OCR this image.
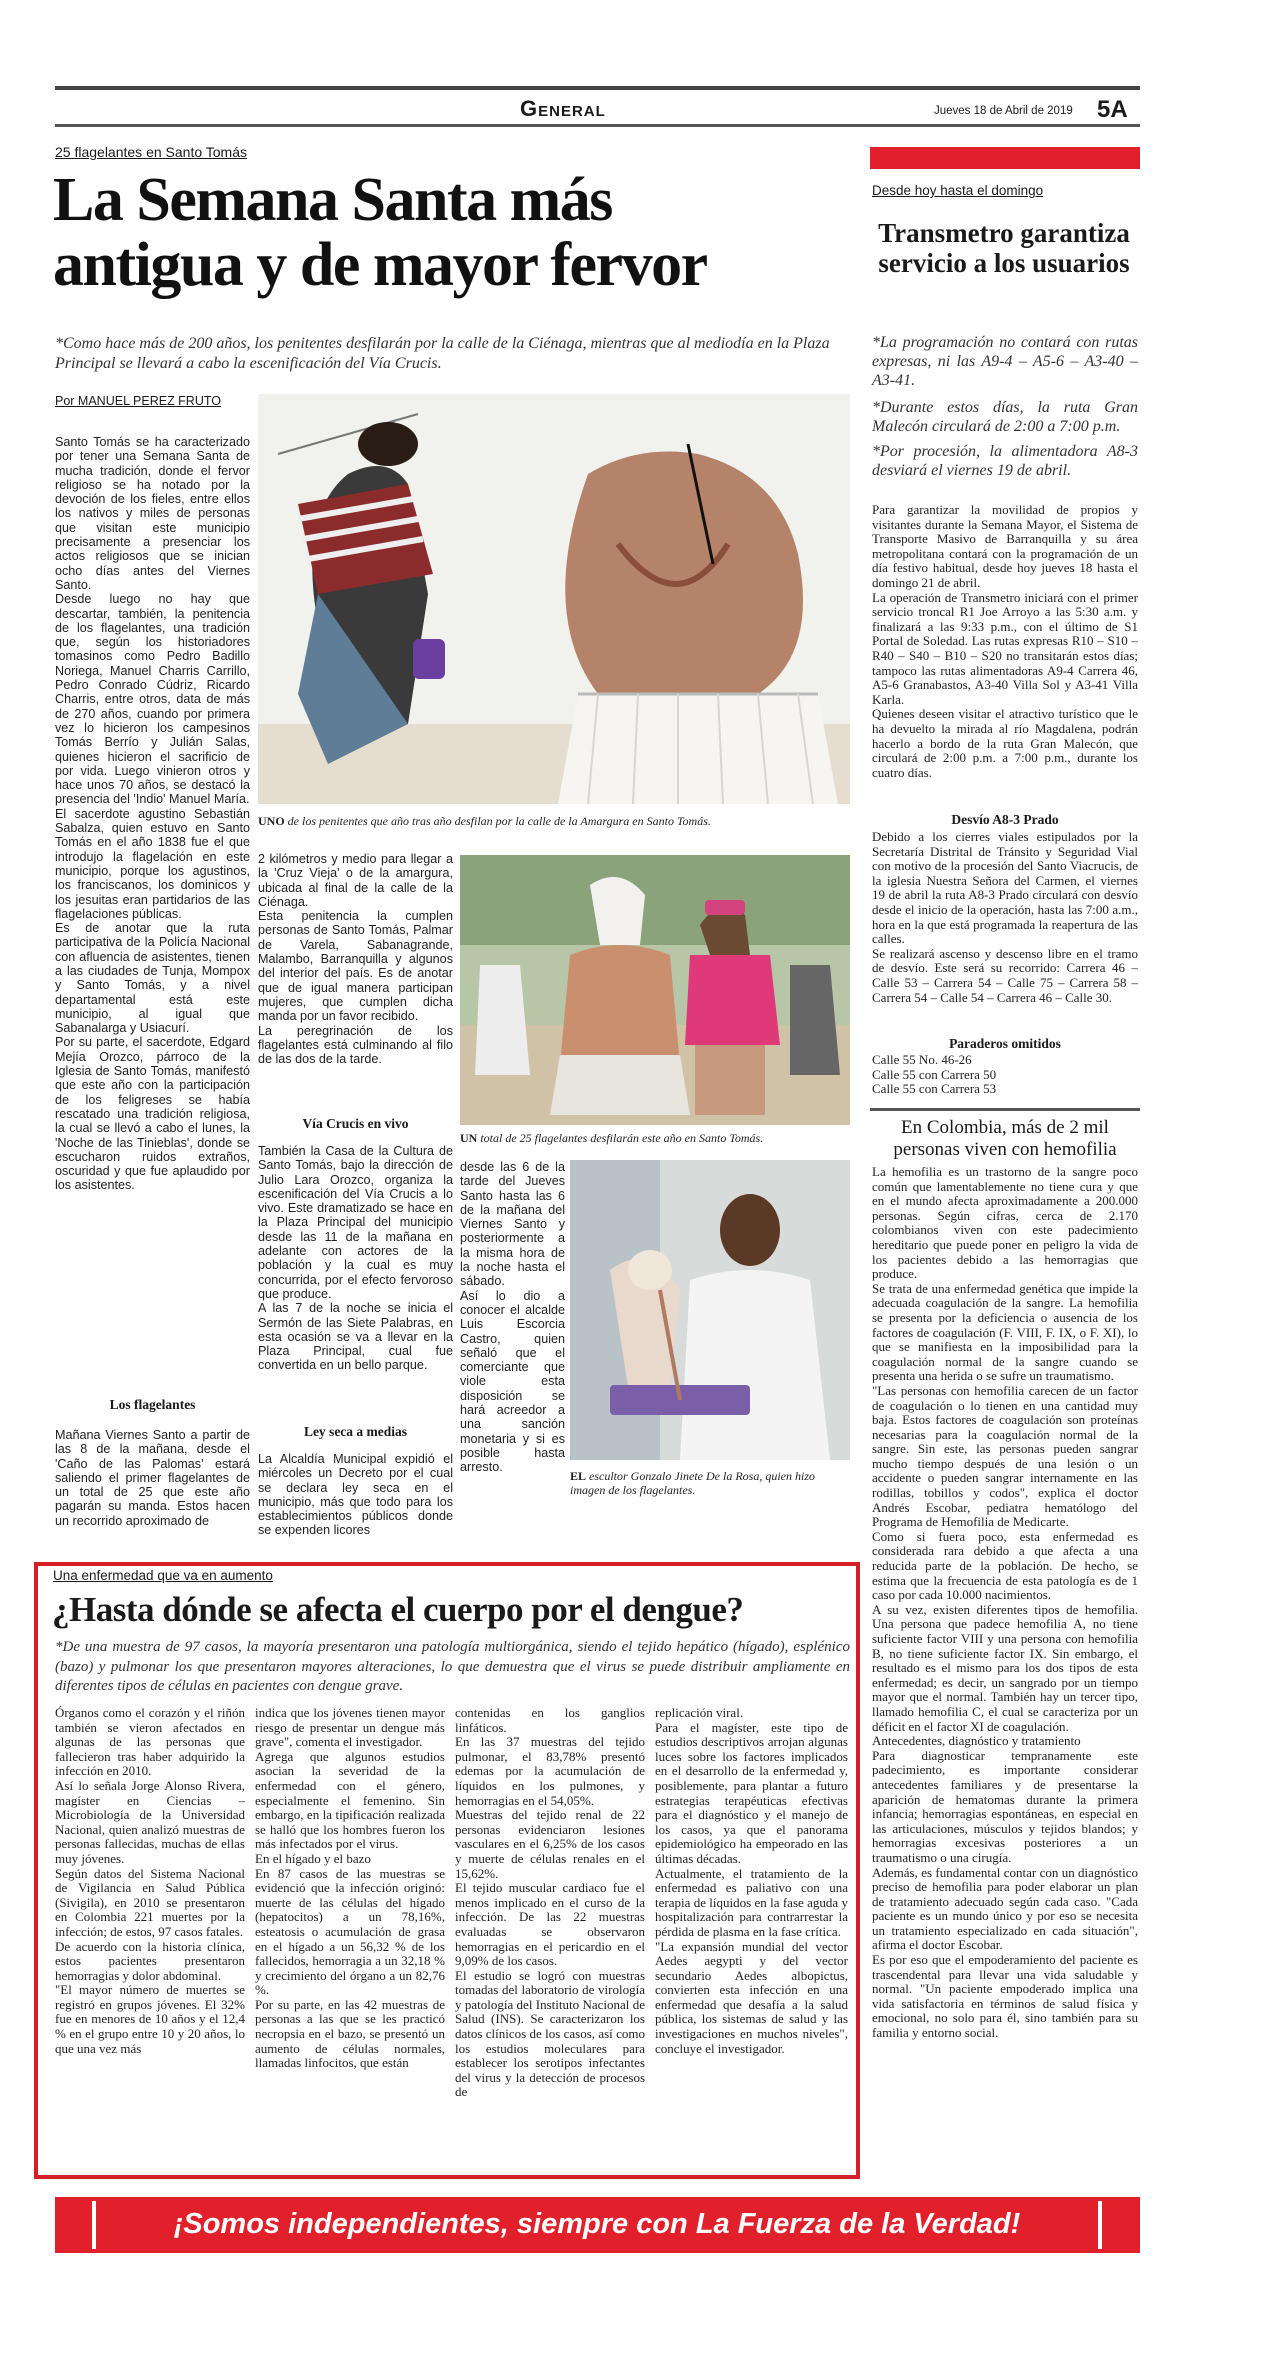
General	Jueves 18 de Abril de 2019 5A
25 flagelantes en Santo Tomás
La Semana Santa más
antigua y de mayor fervor
*Como hace más de 200 años, los penitentes desfilarán por la calle de la Ciénaga, mientras que al mediodía en la Plaza Principal se llevará a cabo la escenificación del Vía Crucis.
Por MANUEL PEREZ FRUTO
Santo Tomás se ha caracterizado por tener una Semana Santa de mucha tradición, donde el fervor religioso se ha notado por la devoción de los fieles, entre ellos los nativos y miles de personas que visitan este municipio precisamente a presenciar los actos religiosos que se inician ocho días antes del Viernes Santo.
Desde luego no hay que descartar, también, la penitencia de los flagelantes, una tradición que, según los historiadores tomasinos como Pedro Badillo Noriega, Manuel Charris Carrillo, Pedro Conrado Cúdriz, Ricardo Charris, entre otros, data de más de 270 años, cuando por primera vez lo hicieron los campesinos Tomás Berrío y Julián Salas, quienes hicieron el sacrificio de por vida. Luego vinieron otros y hace unos 70 años, se destacó la presencia del 'Indio' Manuel María.
El sacerdote agustino Sebastián Sabalza, quien estuvo en Santo Tomás en el año 1838 fue el que introdujo la flagelación en este municipio, porque los agustinos, los franciscanos, los dominicos y los jesuitas eran partidarios de las flagelaciones públicas.
Es de anotar que la ruta participativa de la Policía Nacional con afluencia de asistentes, tienen a las ciudades de Tunja, Mompox y Santo Tomás, y a nivel departamental está este municipio, al igual que Sabanalarga y Usiacurí.
Por su parte, el sacerdote, Edgard Mejía Orozco, párroco de la Iglesia de Santo Tomás, manifestó que este año con la participación de los feligreses se había rescatado una tradición religiosa, la cual se llevó a cabo el lunes, la 'Noche de las Tinieblas', donde se escucharon ruidos extraños, oscuridad y que fue aplaudido por los asistentes.
Los flagelantes
Mañana Viernes Santo a partir de las 8 de la mañana, desde el 'Caño de las Palomas' estará saliendo el primer flagelantes de un total de 25 que este año pagarán su manda. Estos hacen un recorrido aproximado de
UNO de los penitentes que año tras año desfilan por la calle de la Amargura en Santo Tomás.
2 kilómetros y medio para llegar a la 'Cruz Vieja' o de la amargura, ubicada al final de la calle de la Ciénaga.
Esta penitencia la cumplen personas de Santo Tomás, Palmar de Varela, Sabanagrande, Malambo, Barranquilla y algunos del interior del país. Es de anotar que de igual manera participan mujeres, que cumplen dicha manda por un favor recibido.
La peregrinación de los flagelantes está culminando al filo de las dos de la tarde.
Vía Crucis en vivo
También la Casa de la Cultura de Santo Tomás, bajo la dirección de Julio Lara Orozco, organiza la escenificación del Vía Crucis a lo vivo. Este dramatizado se hace en la Plaza Principal del municipio desde las 11 de la mañana en adelante con actores de la población y la cual es muy concurrida, por el efecto fervoroso que produce.
A las 7 de la noche se inicia el Sermón de las Siete Palabras, en esta ocasión se va a llevar en la Plaza Principal, cual fue convertida en un bello parque.
Ley seca a medias
La Alcaldía Municipal expidió el miércoles un Decreto por el cual se declara ley seca en el municipio, más que todo para los establecimientos públicos donde se expenden licores
UN total de 25 flagelantes desfilarán este año en Santo Tomás.
desde las 6 de la tarde del Jueves Santo hasta las 6 de la mañana del Viernes Santo y posteriormente a la misma hora de la noche hasta el sábado.
Así lo dio a conocer el alcalde Luis Escorcia Castro, quien señaló que el comerciante que viole esta disposición se hará acreedor a una sanción monetaria y si es posible hasta arresto.
EL escultor Gonzalo Jinete De la Rosa, quien hizo imagen de los flagelantes.
Desde hoy hasta el domingo
Transmetro garantiza servicio a los usuarios
*La programación no contará con rutas expresas, ni las A9-4 – A5-6 – A3-40 – A3-41.
*Durante estos días, la ruta Gran Malecón circulará de 2:00 a 7:00 p.m.
*Por procesión, la alimentadora A8-3 desviará el viernes 19 de abril.
Para garantizar la movilidad de propios y visitantes durante la Semana Mayor, el Sistema de Transporte Masivo de Barranquilla y su área metropolitana contará con la programación de un día festivo habitual, desde hoy jueves 18 hasta el domingo 21 de abril.
La operación de Transmetro iniciará con el primer servicio troncal R1 Joe Arroyo a las 5:30 a.m. y finalizará a las 9:33 p.m., con el último de S1 Portal de Soledad. Las rutas expresas R10 – S10 – R40 – S40 – B10 – S20 no transitarán estos días; tampoco las rutas alimentadoras A9-4 Carrera 46, A5-6 Granabastos, A3-40 Villa Sol y A3-41 Villa Karla.
Quienes deseen visitar el atractivo turístico que le ha devuelto la mirada al río Magdalena, podrán hacerlo a bordo de la ruta Gran Malecón, que circulará de 2:00 p.m. a 7:00 p.m., durante los cuatro días.
Desvío A8-3 Prado
Debido a los cierres viales estipulados por la Secretaría Distrital de Tránsito y Seguridad Vial con motivo de la procesión del Santo Viacrucis, de la iglesia Nuestra Señora del Carmen, el viernes 19 de abril la ruta A8-3 Prado circulará con desvío desde el inicio de la operación, hasta las 7:00 a.m., hora en la que está programada la reapertura de las calles.
Se realizará ascenso y descenso libre en el tramo de desvío. Este será su recorrido: Carrera 46 – Calle 53 – Carrera 54 – Calle 75 – Carrera 58 – Carrera 54 – Calle 54 – Carrera 46 – Calle 30.
Paraderos omitidos
Calle 55 No. 46-26
Calle 55 con Carrera 50
Calle 55 con Carrera 53
En Colombia, más de 2 mil personas viven con hemofilia
La hemofilia es un trastorno de la sangre poco común que lamentablemente no tiene cura y que en el mundo afecta aproximadamente a 200.000 personas. Según cifras, cerca de 2.170 colombianos viven con este padecimiento hereditario que puede poner en peligro la vida de los pacientes debido a las hemorragias que produce.
Se trata de una enfermedad genética que impide la adecuada coagulación de la sangre. La hemofilia se presenta por la deficiencia o ausencia de los factores de coagulación (F. VIII, F. IX, o F. XI), lo que se manifiesta en la imposibilidad para la coagulación normal de la sangre cuando se presenta una herida o se sufre un traumatismo.
"Las personas con hemofilia carecen de un factor de coagulación o lo tienen en una cantidad muy baja. Estos factores de coagulación son proteínas necesarias para la coagulación normal de la sangre. Sin este, las personas pueden sangrar mucho tiempo después de una lesión o un accidente o pueden sangrar internamente en las rodillas, tobillos y codos", explica el doctor Andrés Escobar, pediatra hematólogo del Programa de Hemofilia de Medicarte.
Como si fuera poco, esta enfermedad es considerada rara debido a que afecta a una reducida parte de la población. De hecho, se estima que la frecuencia de esta patología es de 1 caso por cada 10.000 nacimientos.
A su vez, existen diferentes tipos de hemofilia. Una persona que padece hemofilia A, no tiene suficiente factor VIII y una persona con hemofilia B, no tiene suficiente factor IX. Sin embargo, el resultado es el mismo para los dos tipos de esta enfermedad; es decir, un sangrado por un tiempo mayor que el normal. También hay un tercer tipo, llamado hemofilia C, el cual se caracteriza por un déficit en el factor XI de coagulación.
Antecedentes, diagnóstico y tratamiento
Para diagnosticar tempranamente este padecimiento, es importante considerar antecedentes familiares y de presentarse la aparición de hematomas durante la primera infancia; hemorragias espontáneas, en especial en las articulaciones, músculos y tejidos blandos; y hemorragias excesivas posteriores a un traumatismo o una cirugía.
Además, es fundamental contar con un diagnóstico preciso de hemofilia para poder elaborar un plan de tratamiento adecuado según cada caso. "Cada paciente es un mundo único y por eso se necesita un tratamiento especializado en cada situación", afirma el doctor Escobar.
Es por eso que el empoderamiento del paciente es trascendental para llevar una vida saludable y normal. "Un paciente empoderado implica una vida satisfactoria en términos de salud física y emocional, no solo para él, sino también para su familia y entorno social.
Una enfermedad que va en aumento
¿Hasta dónde se afecta el cuerpo por el dengue?
*De una muestra de 97 casos, la mayoría presentaron una patología multiorgánica, siendo el tejido hepático (hígado), esplénico (bazo) y pulmonar los que presentaron mayores alteraciones, lo que demuestra que el virus se puede distribuir ampliamente en diferentes tipos de células en pacientes con dengue grave.
Órganos como el corazón y el riñón también se vieron afectados en algunas de las personas que fallecieron tras haber adquirido la infección en 2010.
Así lo señala Jorge Alonso Rivera, magíster en Ciencias – Microbiología de la Universidad Nacional, quien analizó muestras de personas fallecidas, muchas de ellas muy jóvenes.
Según datos del Sistema Nacional de Vigilancia en Salud Pública (Sivigila), en 2010 se presentaron en Colombia 221 muertes por la infección; de estos, 97 casos fatales.
De acuerdo con la historia clínica, estos pacientes presentaron hemorragias y dolor abdominal.
"El mayor número de muertes se registró en grupos jóvenes. El 32% fue en menores de 10 años y el 12,4 % en el grupo entre 10 y 20 años, lo que una vez más
indica que los jóvenes tienen mayor riesgo de presentar un dengue más grave", comenta el investigador.
Agrega que algunos estudios asocian la severidad de la enfermedad con el género, especialmente el femenino. Sin embargo, en la tipificación realizada se halló que los hombres fueron los más infectados por el virus.
En el hígado y el bazo
En 87 casos de las muestras se evidenció que la infección originó: muerte de las células del hígado (hepatocitos) a un 78,16%, esteatosis o acumulación de grasa en el hígado a un 56,32 % de los fallecidos, hemorragia a un 32,18 % y crecimiento del órgano a un 82,76 %.
Por su parte, en las 42 muestras de personas a las que se les practicó necropsia en el bazo, se presentó un aumento de células normales, llamadas linfocitos, que están
contenidas en los ganglios linfáticos.
En las 37 muestras del tejido pulmonar, el 83,78% presentó edemas por la acumulación de líquidos en los pulmones, y hemorragias en el 54,05%.
Muestras del tejido renal de 22 personas evidenciaron lesiones vasculares en el 6,25% de los casos y muerte de células renales en el 15,62%.
El tejido muscular cardiaco fue el menos implicado en el curso de la infección. De las 22 muestras evaluadas se observaron hemorragias en el pericardio en el 9,09% de los casos.
El estudio se logró con muestras tomadas del laboratorio de virología y patología del Instituto Nacional de Salud (INS). Se caracterizaron los datos clínicos de los casos, así como los estudios moleculares para establecer los serotipos infectantes del virus y la detección de procesos de
replicación viral.
Para el magíster, este tipo de estudios descriptivos arrojan algunas luces sobre los factores implicados en el desarrollo de la enfermedad y, posiblemente, para plantar a futuro estrategias terapéuticas efectivas para el diagnóstico y el manejo de los casos, ya que el panorama epidemiológico ha empeorado en las últimas décadas.
Actualmente, el tratamiento de la enfermedad es paliativo con una terapia de líquidos en la fase aguda y hospitalización para contrarrestar la pérdida de plasma en la fase crítica.
"La expansión mundial del vector Aedes aegypti y del vector secundario Aedes albopictus, convierten esta infección en una enfermedad que desafía a la salud pública, los sistemas de salud y las investigaciones en muchos niveles", concluye el investigador.
¡Somos independientes, siempre con La Fuerza de la Verdad!
